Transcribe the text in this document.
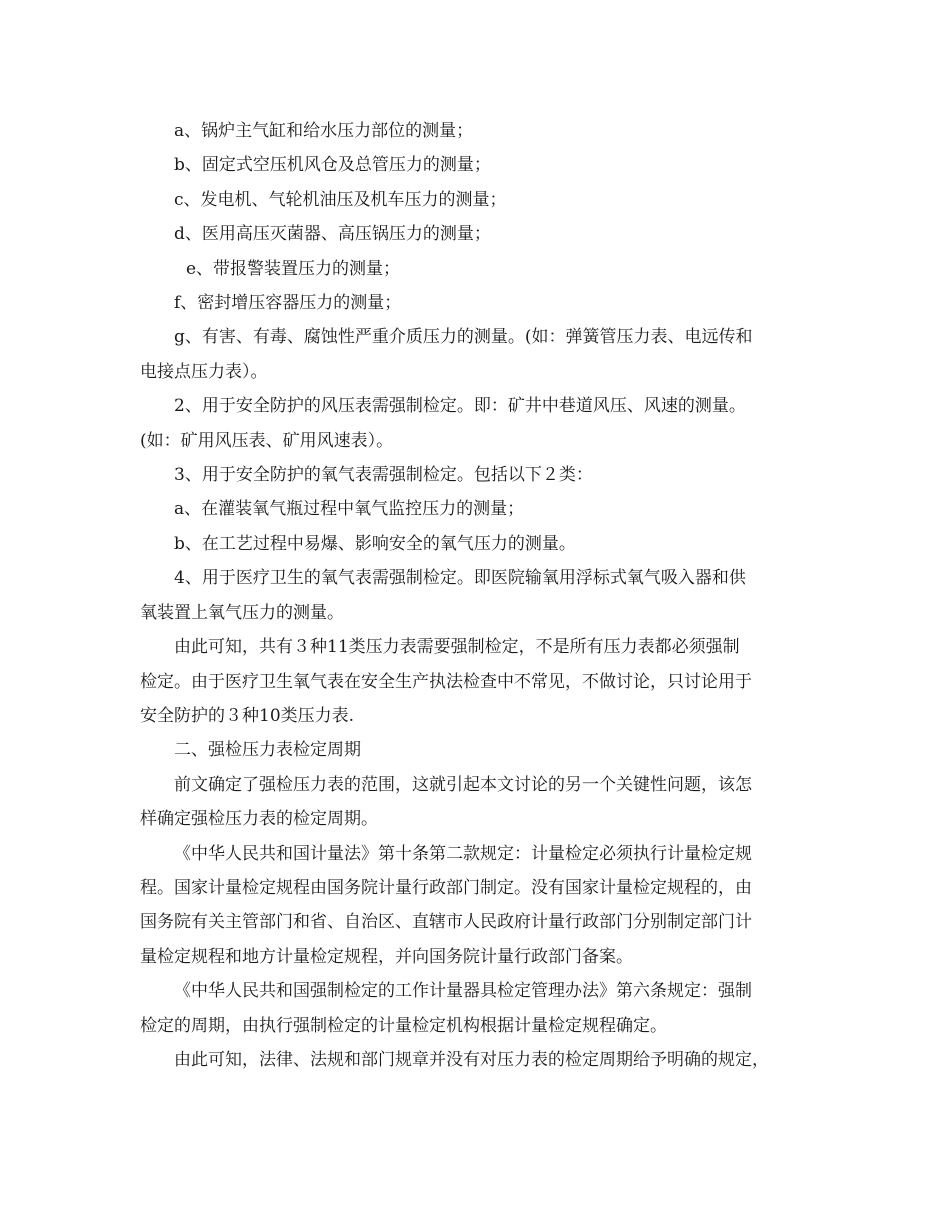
a、锅炉主气缸和给水压力部位的测量；
b、固定式空压机风仓及总管压力的测量；
c、发电机、气轮机油压及机车压力的测量；
d、医用高压灭菌器、高压锅压力的测量；
e、带报警装置压力的测量；
f、密封增压容器压力的测量；
g、有害、有毒、腐蚀性严重介质压力的测量。(如：弹簧管压力表、电远传和
电接点压力表）。
2、用于安全防护的风压表需强制检定。即：矿井中巷道风压、风速的测量。
(如：矿用风压表、矿用风速表）。
3、用于安全防护的氧气表需强制检定。包括以下２类：
a、在灌装氧气瓶过程中氧气监控压力的测量；
b、在工艺过程中易爆、影响安全的氧气压力的测量。
4、用于医疗卫生的氧气表需强制检定。即医院输氧用浮标式氧气吸入器和供
氧装置上氧气压力的测量。
由此可知，共有３种11类压力表需要强制检定，不是所有压力表都必须强制
检定。由于医疗卫生氧气表在安全生产执法检查中不常见，不做讨论，只讨论用于
安全防护的３种10类压力表.
二、强检压力表检定周期
前文确定了强检压力表的范围，这就引起本文讨论的另一个关键性问题，该怎
样确定强检压力表的检定周期。
《中华人民共和国计量法》第十条第二款规定：计量检定必须执行计量检定规
程。国家计量检定规程由国务院计量行政部门制定。没有国家计量检定规程的，由
国务院有关主管部门和省、自治区、直辖市人民政府计量行政部门分别制定部门计
量检定规程和地方计量检定规程，并向国务院计量行政部门备案。
《中华人民共和国强制检定的工作计量器具检定管理办法》第六条规定：强制
检定的周期，由执行强制检定的计量检定机构根据计量检定规程确定。
由此可知，法律、法规和部门规章并没有对压力表的检定周期给予明确的规定，
